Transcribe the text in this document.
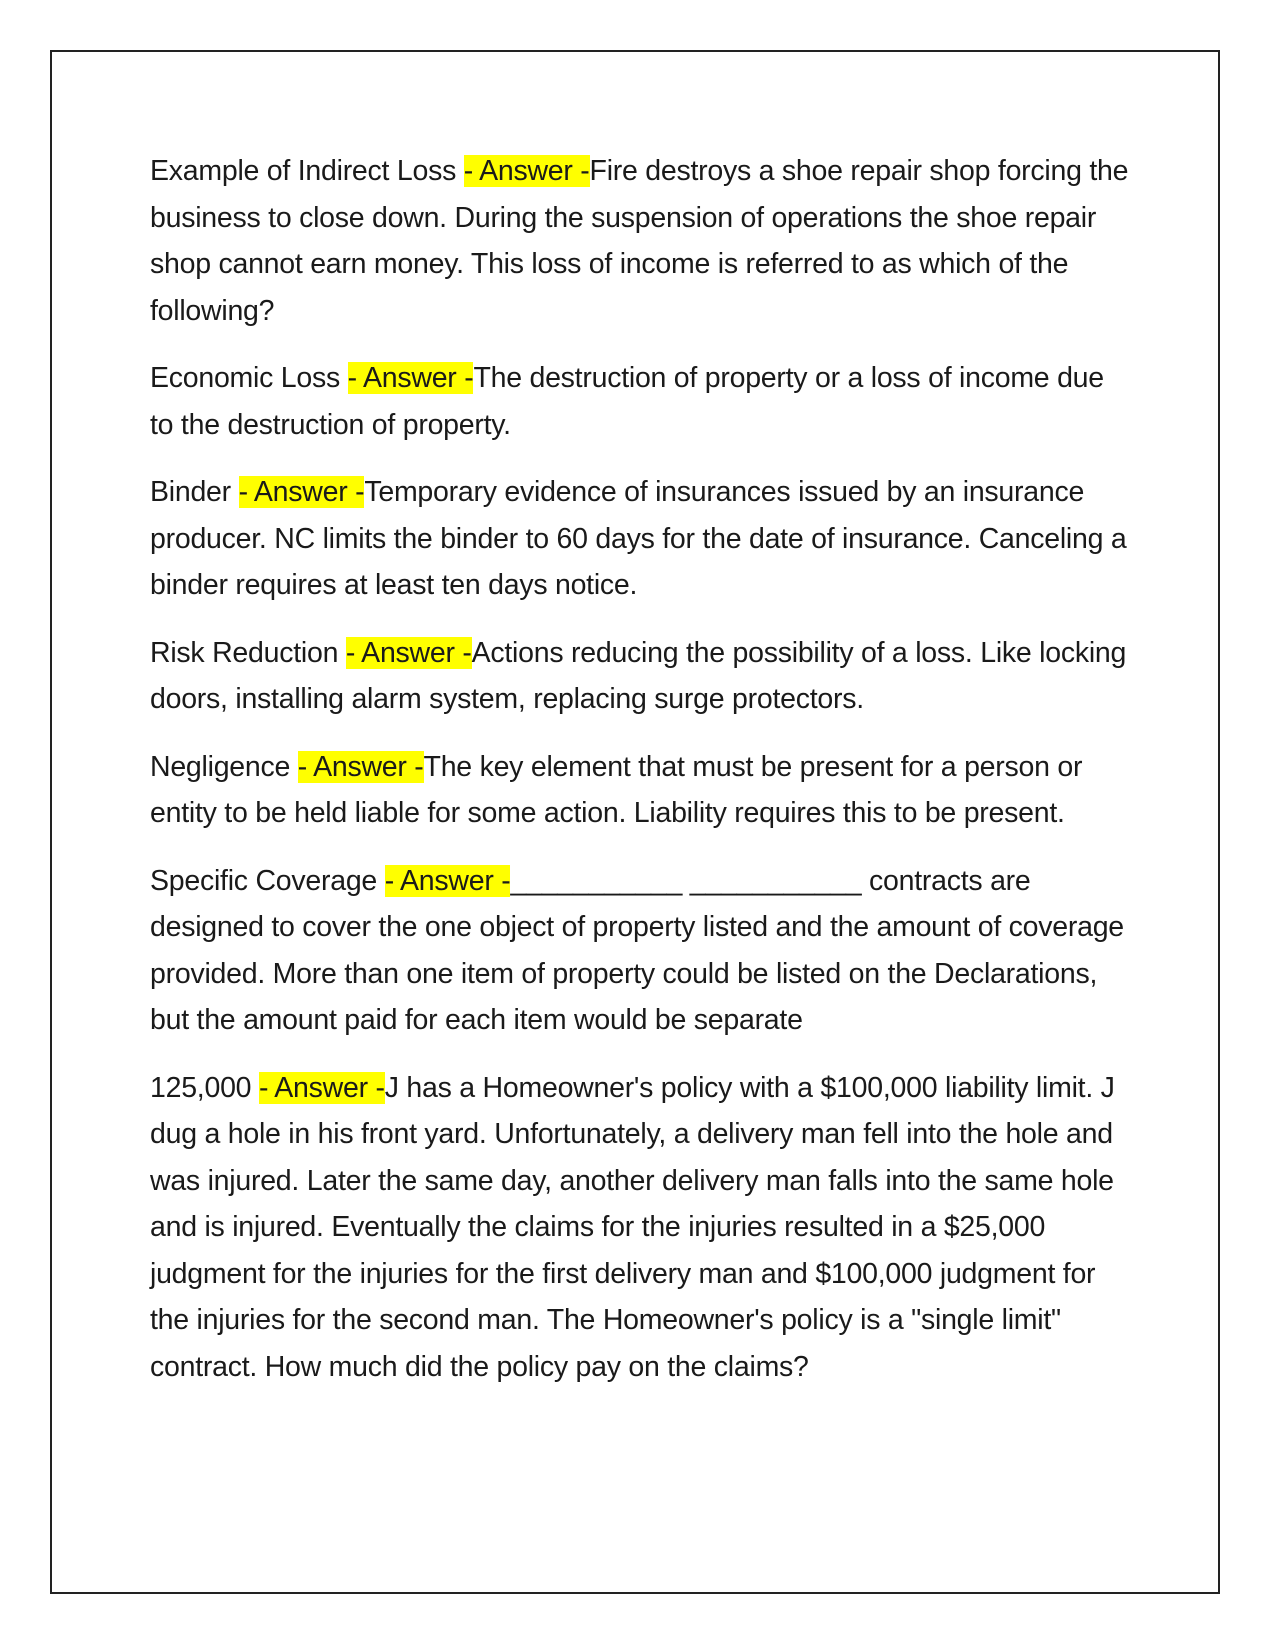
Example of Indirect Loss - Answer -Fire destroys a shoe repair shop forcing the business to close down. During the suspension of operations the shoe repair shop cannot earn money. This loss of income is referred to as which of the following?

Economic Loss - Answer -The destruction of property or a loss of income due to the destruction of property.

Binder - Answer -Temporary evidence of insurances issued by an insurance producer. NC limits the binder to 60 days for the date of insurance. Canceling a binder requires at least ten days notice.

Risk Reduction - Answer -Actions reducing the possibility of a loss. Like locking doors, installing alarm system, replacing surge protectors.

Negligence - Answer -The key element that must be present for a person or entity to be held liable for some action. Liability requires this to be present.

Specific Coverage - Answer -___________ ___________ contracts are designed to cover the one object of property listed and the amount of coverage provided. More than one item of property could be listed on the Declarations, but the amount paid for each item would be separate

125,000 - Answer -J has a Homeowner's policy with a $100,000 liability limit. J dug a hole in his front yard. Unfortunately, a delivery man fell into the hole and was injured. Later the same day, another delivery man falls into the same hole and is injured. Eventually the claims for the injuries resulted in a $25,000 judgment for the injuries for the first delivery man and $100,000 judgment for the injuries for the second man. The Homeowner's policy is a "single limit" contract. How much did the policy pay on the claims?
